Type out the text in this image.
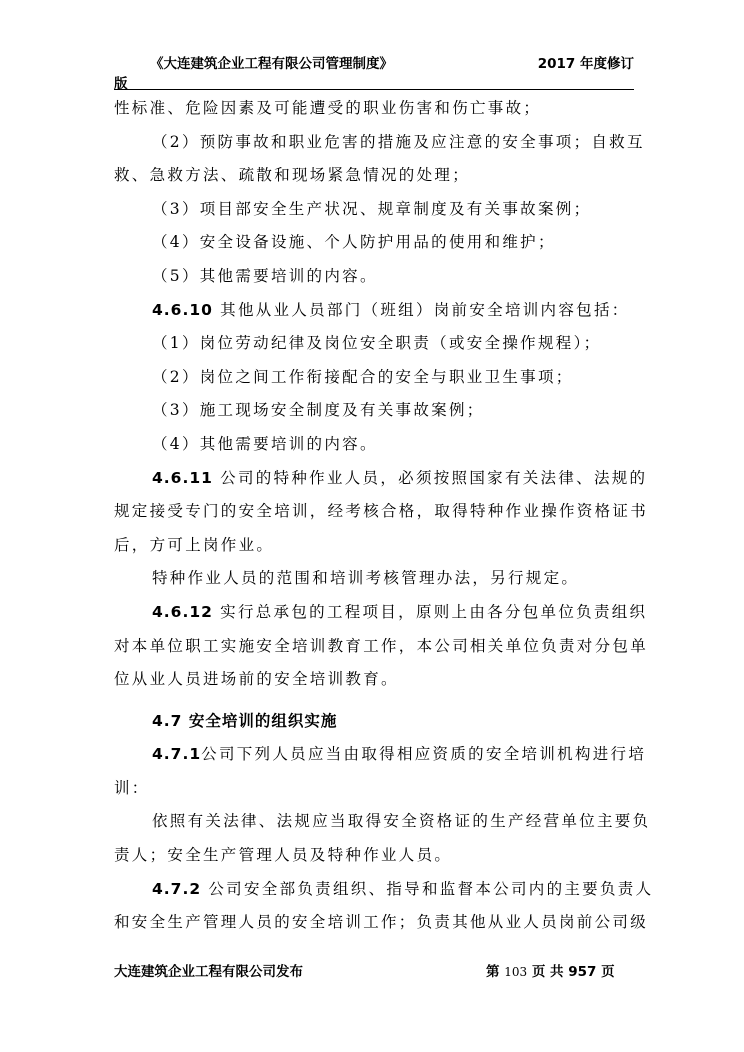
《大连建筑企业工程有限公司管理制度》	2017 年度修订
版
性标准、危险因素及可能遭受的职业伤害和伤亡事故；
（2）预防事故和职业危害的措施及应注意的安全事项；自救互
救、急救方法、疏散和现场紧急情况的处理；
（3）项目部安全生产状况、规章制度及有关事故案例；
（4）安全设备设施、个人防护用品的使用和维护；
（5）其他需要培训的内容。
4.6.10 其他从业人员部门（班组）岗前安全培训内容包括：
（1）岗位劳动纪律及岗位安全职责（或安全操作规程）；
（2）岗位之间工作衔接配合的安全与职业卫生事项；
（3）施工现场安全制度及有关事故案例；
（4）其他需要培训的内容。
4.6.11 公司的特种作业人员，必须按照国家有关法律、法规的
规定接受专门的安全培训，经考核合格，取得特种作业操作资格证书
后，方可上岗作业。
特种作业人员的范围和培训考核管理办法，另行规定。
4.6.12 实行总承包的工程项目，原则上由各分包单位负责组织
对本单位职工实施安全培训教育工作，本公司相关单位负责对分包单
位从业人员进场前的安全培训教育。
4.7 安全培训的组织实施
4.7.1公司下列人员应当由取得相应资质的安全培训机构进行培
训：
依照有关法律、法规应当取得安全资格证的生产经营单位主要负
责人；安全生产管理人员及特种作业人员。
4.7.2 公司安全部负责组织、指导和监督本公司内的主要负责人
和安全生产管理人员的安全培训工作；负责其他从业人员岗前公司级
大连建筑企业工程有限公司发布	第 103 页 共 957 页
